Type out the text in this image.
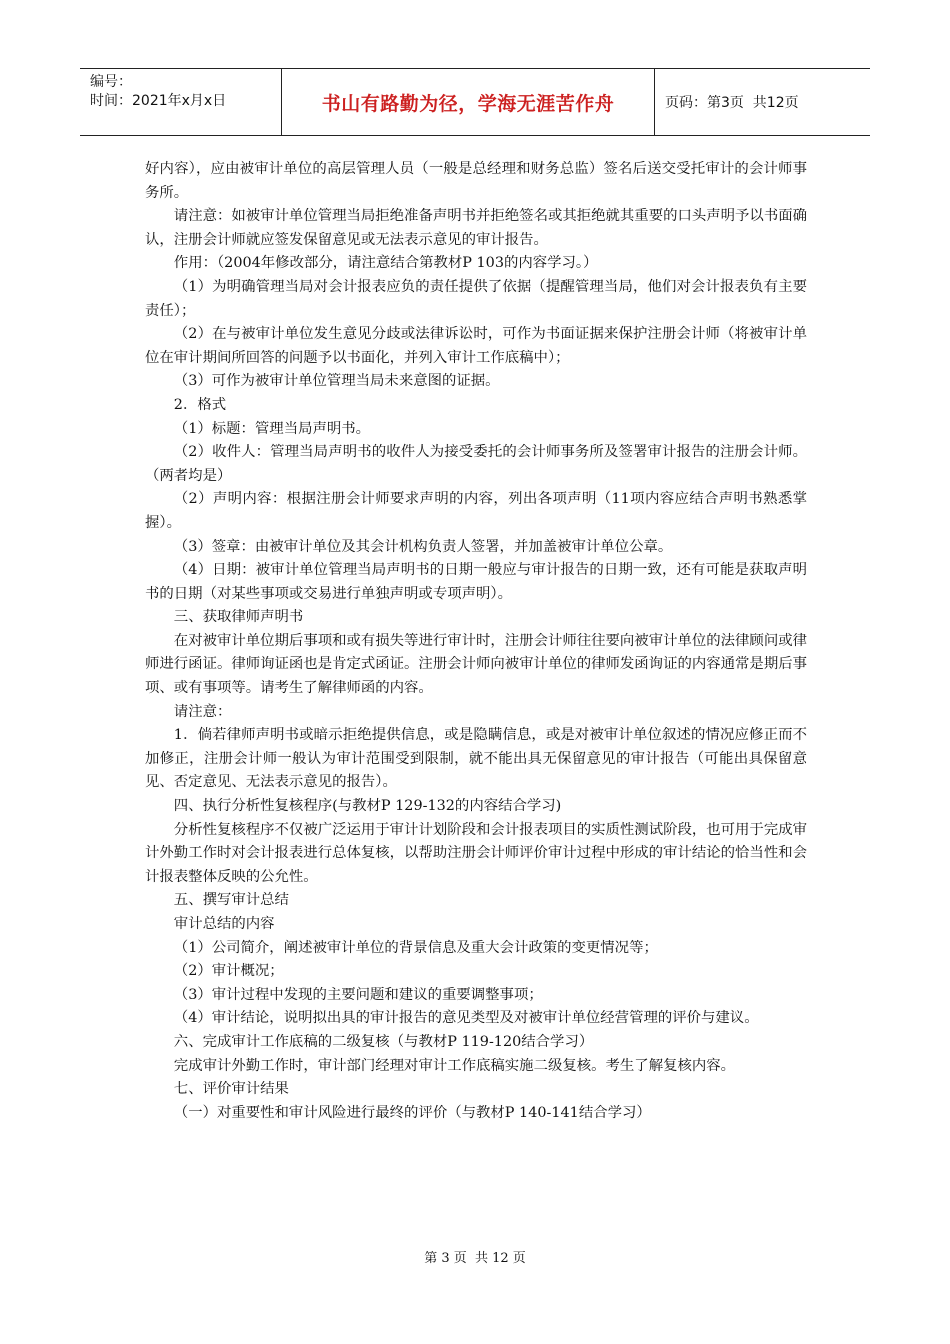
编号：
时间：2021年x月x日	书山有路勤为径，学海无涯苦作舟	页码：第3页  共12页

好内容），应由被审计单位的高层管理人员（一般是总经理和财务总监）签名后送交受托审计的会计师事务所。

请注意：如被审计单位管理当局拒绝准备声明书并拒绝签名或其拒绝就其重要的口头声明予以书面确认，注册会计师就应签发保留意见或无法表示意见的审计报告。

作用：（2004年修改部分，请注意结合第教材P 103的内容学习。）

（1）为明确管理当局对会计报表应负的责任提供了依据（提醒管理当局，他们对会计报表负有主要责任）；

（2）在与被审计单位发生意见分歧或法律诉讼时，可作为书面证据来保护注册会计师（将被审计单位在审计期间所回答的问题予以书面化，并列入审计工作底稿中）；

（3）可作为被审计单位管理当局未来意图的证据。

2．格式

（1）标题：管理当局声明书。

（2）收件人：管理当局声明书的收件人为接受委托的会计师事务所及签署审计报告的注册会计师。（两者均是）

（2）声明内容：根据注册会计师要求声明的内容，列出各项声明（11项内容应结合声明书熟悉掌握）。

（3）签章：由被审计单位及其会计机构负责人签署，并加盖被审计单位公章。

（4）日期：被审计单位管理当局声明书的日期一般应与审计报告的日期一致，还有可能是获取声明书的日期（对某些事项或交易进行单独声明或专项声明）。

三、获取律师声明书

在对被审计单位期后事项和或有损失等进行审计时，注册会计师往往要向被审计单位的法律顾问或律师进行函证。律师询证函也是肯定式函证。注册会计师向被审计单位的律师发函询证的内容通常是期后事项、或有事项等。请考生了解律师函的内容。

请注意：

1．倘若律师声明书或暗示拒绝提供信息，或是隐瞒信息，或是对被审计单位叙述的情况应修正而不加修正，注册会计师一般认为审计范围受到限制，就不能出具无保留意见的审计报告（可能出具保留意见、否定意见、无法表示意见的报告）。

四、执行分析性复核程序(与教材P 129-132的内容结合学习)

分析性复核程序不仅被广泛运用于审计计划阶段和会计报表项目的实质性测试阶段，也可用于完成审计外勤工作时对会计报表进行总体复核，以帮助注册会计师评价审计过程中形成的审计结论的恰当性和会计报表整体反映的公允性。

五、撰写审计总结

审计总结的内容

（1）公司简介，阐述被审计单位的背景信息及重大会计政策的变更情况等；

（2）审计概况；

（3）审计过程中发现的主要问题和建议的重要调整事项；

（4）审计结论，说明拟出具的审计报告的意见类型及对被审计单位经营管理的评价与建议。

六、完成审计工作底稿的二级复核（与教材P 119-120结合学习）

完成审计外勤工作时，审计部门经理对审计工作底稿实施二级复核。考生了解复核内容。

七、评价审计结果

（一）对重要性和审计风险进行最终的评价（与教材P 140-141结合学习）

第 3 页  共 12 页
